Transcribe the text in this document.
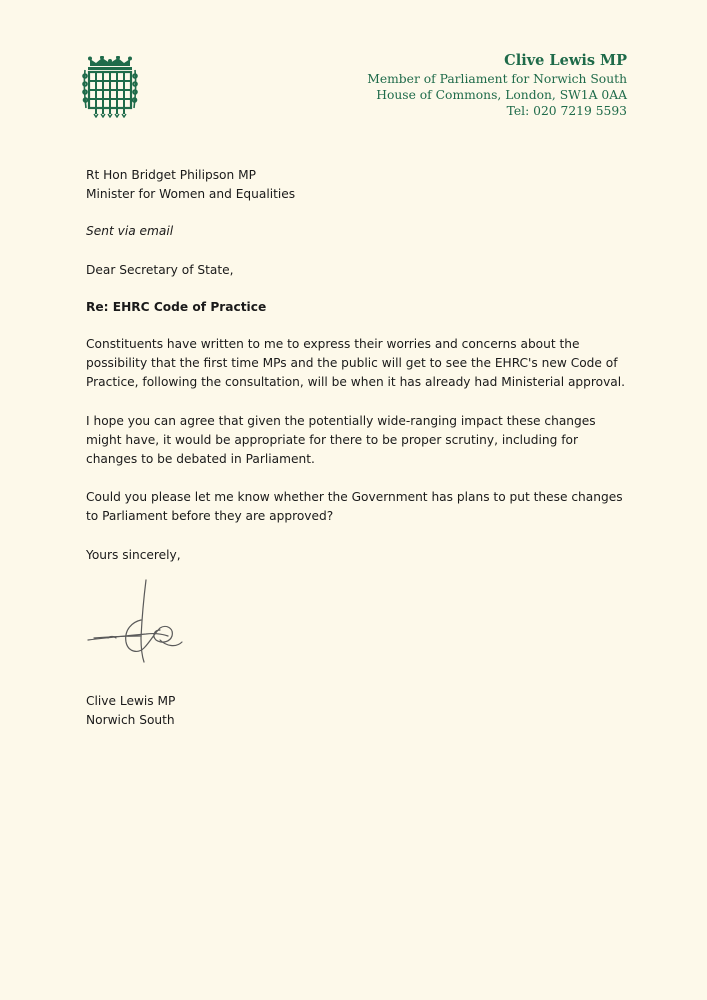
Clive Lewis MP
Member of Parliament for Norwich South
House of Commons, London, SW1A 0AA
Tel: 020 7219 5593

Rt Hon Bridget Philipson MP

Minister for Women and Equalities

Sent via email

Dear Secretary of State,

Re: EHRC Code of Practice

Constituents have written to me to express their worries and concerns about the possibility that the first time MPs and the public will get to see the EHRC's new Code of Practice, following the consultation, will be when it has already had Ministerial approval.

I hope you can agree that given the potentially wide-ranging impact these changes might have, it would be appropriate for there to be proper scrutiny, including for changes to be debated in Parliament.

Could you please let me know whether the Government has plans to put these changes to Parliament before they are approved?

Yours sincerely,

Clive Lewis MP

Norwich South
